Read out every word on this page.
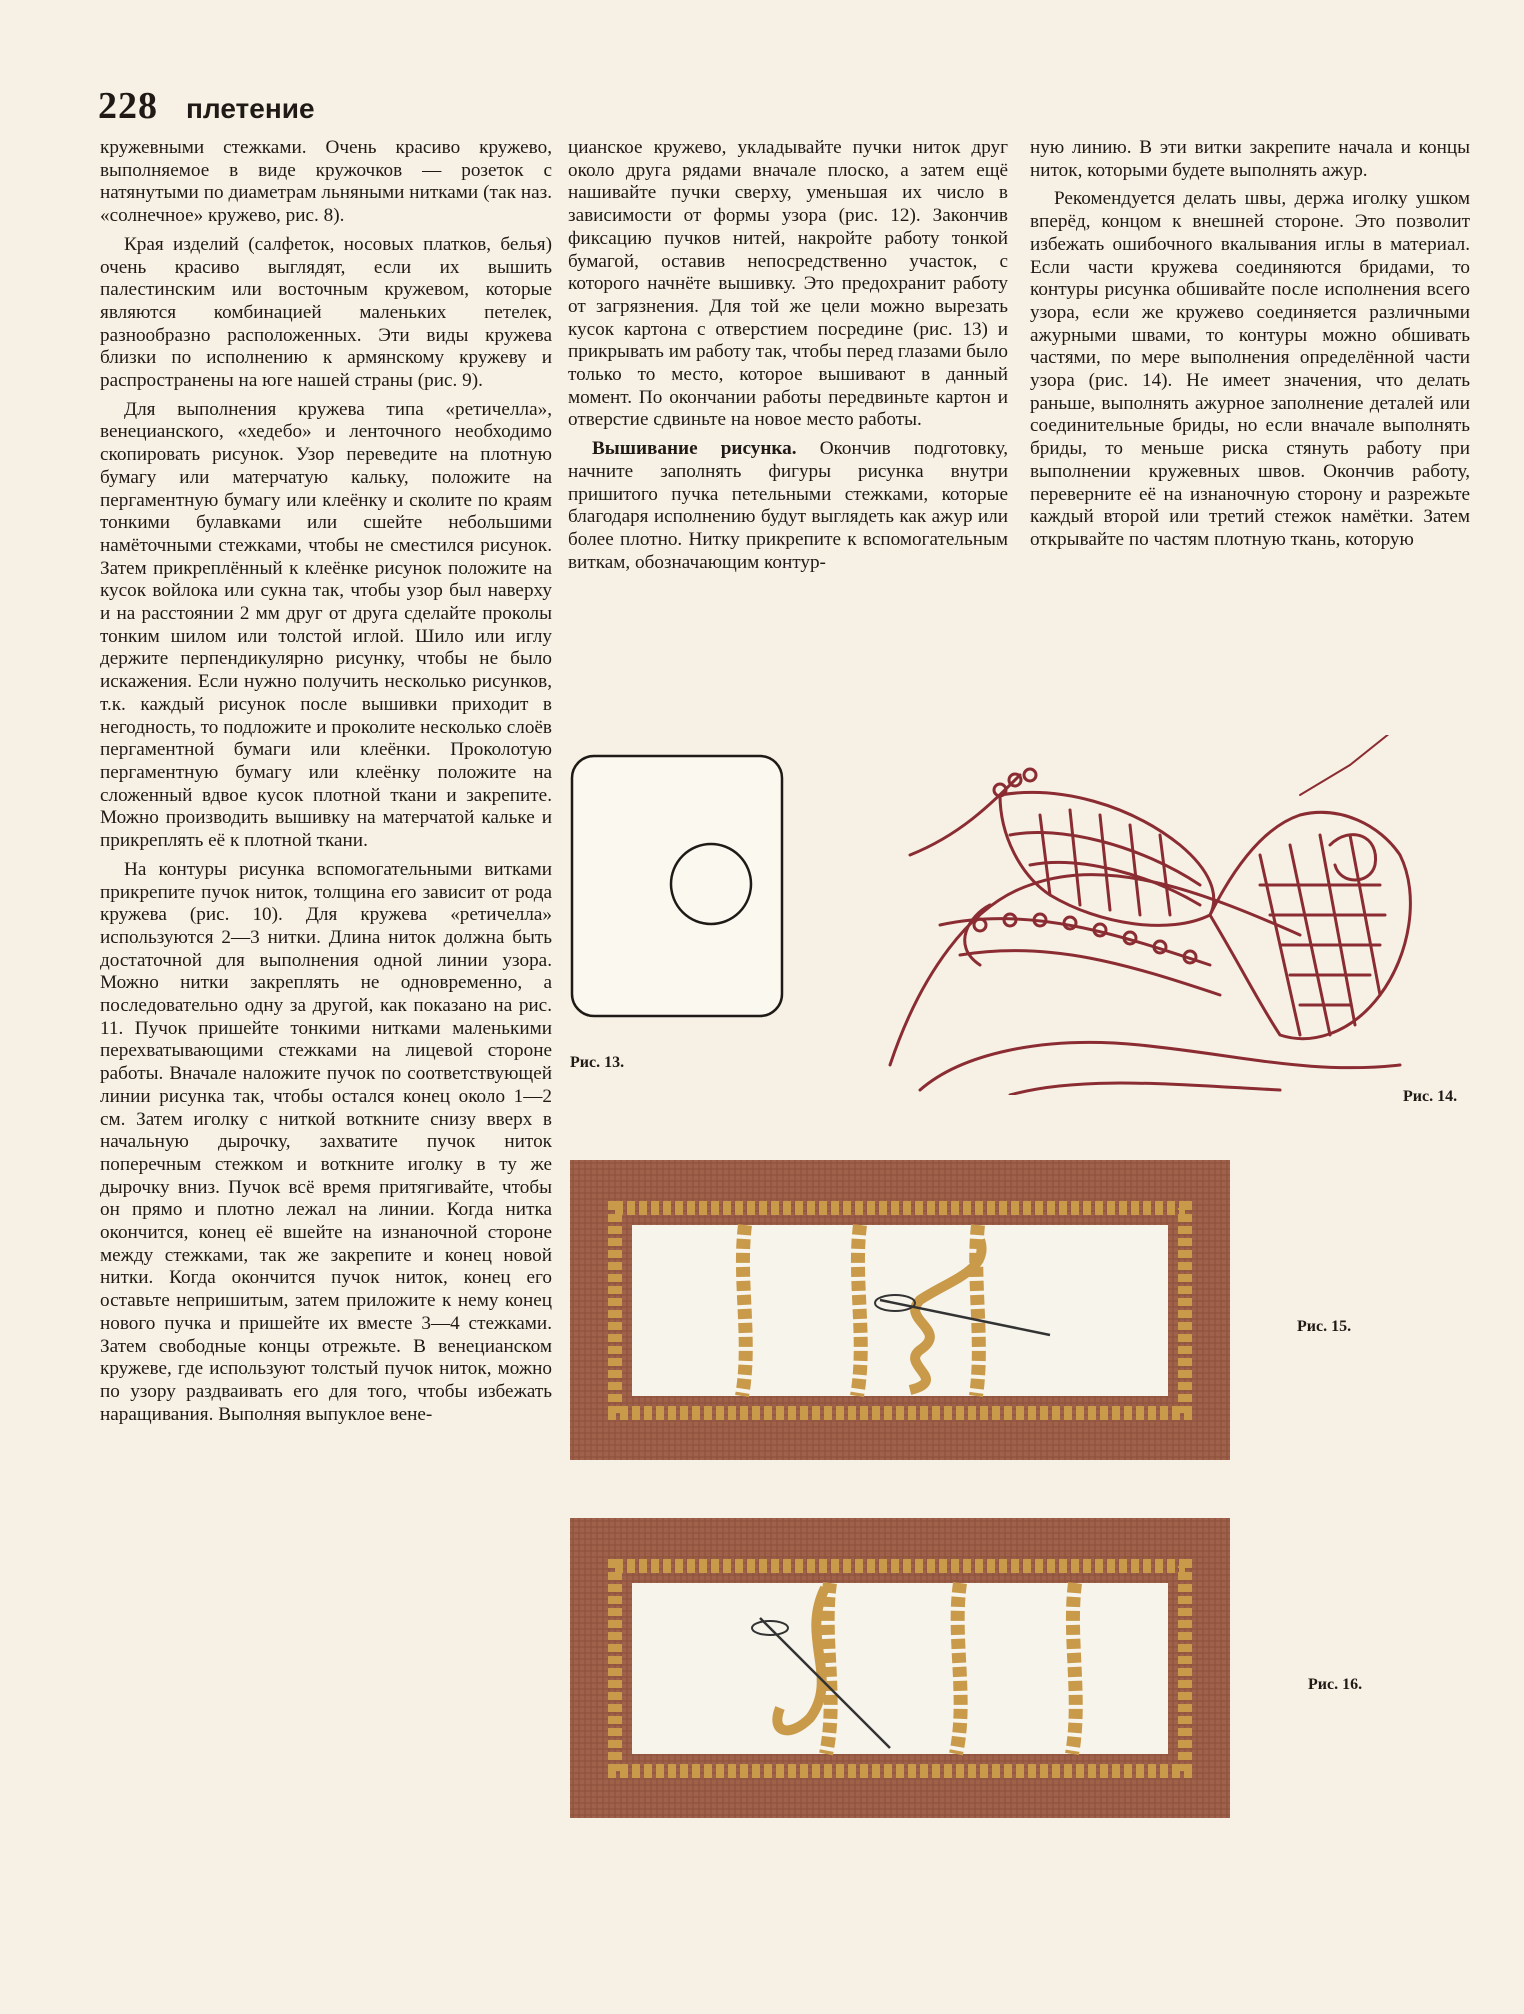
228 плетение

кружевными стежками. Очень красиво кружево, выполняемое в виде кружочков — розеток с натянутыми по диаметрам льняными нитками (так наз. «солнечное» кружево, рис. 8).

Края изделий (салфеток, носовых платков, белья) очень красиво выглядят, если их вышить палестинским или восточным кружевом, которые являются комбинацией маленьких петелек, разнообразно расположенных. Эти виды кружева близки по исполнению к армянскому кружеву и распространены на юге нашей страны (рис. 9).

Для выполнения кружева типа «ретичелла», венецианского, «хедебо» и ленточного необходимо скопировать рисунок. Узор переведите на плотную бумагу или матерчатую кальку, положите на пергаментную бумагу или клеёнку и сколите по краям тонкими булавками или сшейте небольшими намёточными стежками, чтобы не сместился рисунок. Затем прикреплённый к клеёнке рисунок положите на кусок войлока или сукна так, чтобы узор был наверху и на расстоянии 2 мм друг от друга сделайте проколы тонким шилом или толстой иглой. Шило или иглу держите перпендикулярно рисунку, чтобы не было искажения. Если нужно получить несколько рисунков, т.к. каждый рисунок после вышивки приходит в негодность, то подложите и проколите несколько слоёв пергаментной бумаги или клеёнки. Проколотую пергаментную бумагу или клеёнку положите на сложенный вдвое кусок плотной ткани и закрепите. Можно производить вышивку на матерчатой кальке и прикреплять её к плотной ткани.

На контуры рисунка вспомогательными витками прикрепите пучок ниток, толщина его зависит от рода кружева (рис. 10). Для кружева «ретичелла» используются 2—3 нитки. Длина ниток должна быть достаточной для выполнения одной линии узора. Можно нитки закреплять не одновременно, а последовательно одну за другой, как показано на рис. 11. Пучок пришейте тонкими нитками маленькими перехватывающими стежками на лицевой стороне работы. Вначале наложите пучок по соответствующей линии рисунка так, чтобы остался конец около 1—2 см. Затем иголку с ниткой воткните снизу вверх в начальную дырочку, захватите пучок ниток поперечным стежком и воткните иголку в ту же дырочку вниз. Пучок всё время притягивайте, чтобы он прямо и плотно лежал на линии. Когда нитка окончится, конец её вшейте на изнаночной стороне между стежками, так же закрепите и конец новой нитки. Когда окончится пучок ниток, конец его оставьте непришитым, затем приложите к нему конец нового пучка и пришейте их вместе 3—4 стежками. Затем свободные концы отрежьте. В венецианском кружеве, где используют толстый пучок ниток, можно по узору раздваивать его для того, чтобы избежать наращивания. Выполняя выпуклое вене-

цианское кружево, укладывайте пучки ниток друг около друга рядами вначале плоско, а затем ещё нашивайте пучки сверху, уменьшая их число в зависимости от формы узора (рис. 12). Закончив фиксацию пучков нитей, накройте работу тонкой бумагой, оставив непосредственно участок, с которого начнёте вышивку. Это предохранит работу от загрязнения. Для той же цели можно вырезать кусок картона с отверстием посредине (рис. 13) и прикрывать им работу так, чтобы перед глазами было только то место, которое вышивают в данный момент. По окончании работы передвиньте картон и отверстие сдвиньте на новое место работы.

Вышивание рисунка. Окончив подготовку, начните заполнять фигуры рисунка внутри пришитого пучка петельными стежками, которые благодаря исполнению будут выглядеть как ажур или более плотно. Нитку прикрепите к вспомогательным виткам, обозначающим контур-

ную линию. В эти витки закрепите начала и концы ниток, которыми будете выполнять ажур.

Рекомендуется делать швы, держа иголку ушком вперёд, концом к внешней стороне. Это позволит избежать ошибочного вкалывания иглы в материал. Если части кружева соединяются бридами, то контуры рисунка обшивайте после исполнения всего узора, если же кружево соединяется различными ажурными швами, то контуры можно обшивать частями, по мере выполнения определённой части узора (рис. 14). Не имеет значения, что делать раньше, выполнять ажурное заполнение деталей или соединительные бриды, но если вначале выполнять бриды, то меньше риска стянуть работу при выполнении кружевных швов. Окончив работу, переверните её на изнаночную сторону и разрежьте каждый второй или третий стежок намётки. Затем открывайте по частям плотную ткань, которую

Рис. 13.
Рис. 14.
Рис. 15.
Рис. 16.
